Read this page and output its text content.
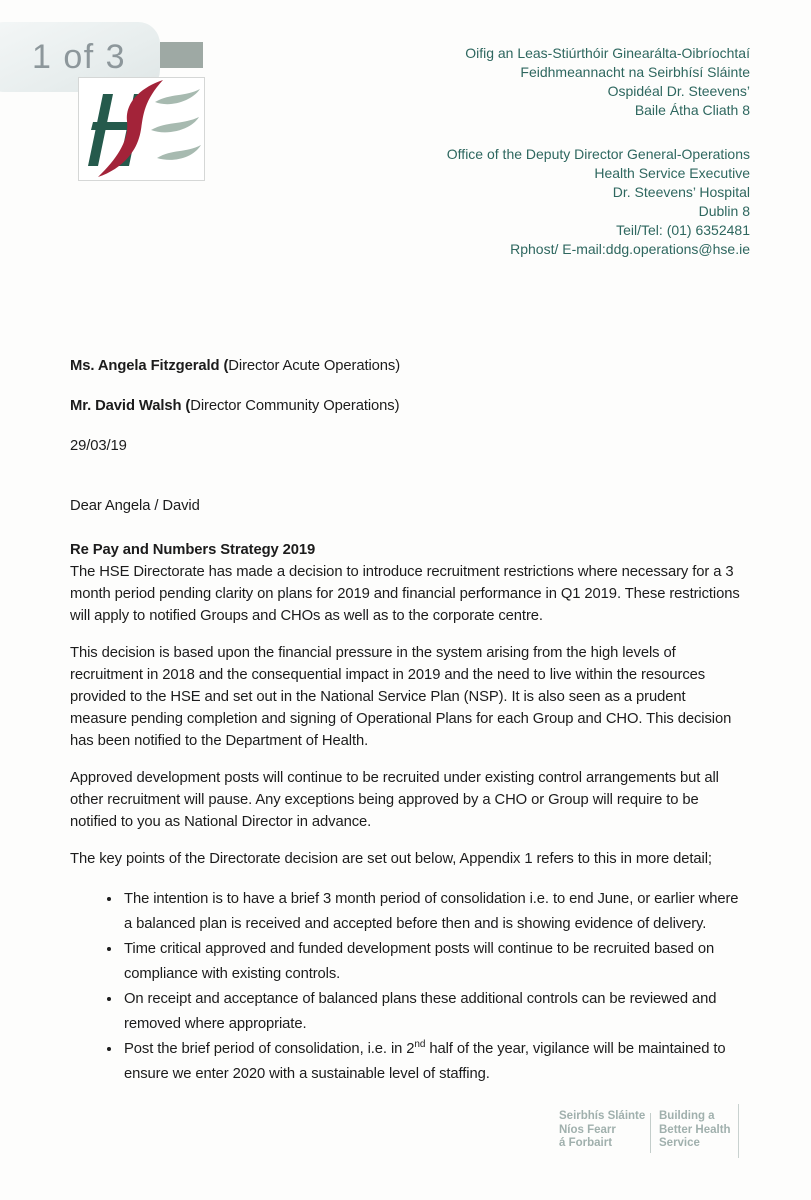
1 of 3	Oifig an Leas-Stiúrthóir Ginearálta-Oibríochtaí
Feidhmeannacht na Seirbhísí Sláinte
Ospidéal Dr. Steevens’
Baile Átha Cliath 8
Office of the Deputy Director General-Operations
Health Service Executive
Dr. Steevens’ Hospital
Dublin 8
Teil/Tel: (01) 6352481
Rphost/ E-mail:ddg.operations@hse.ie

Ms. Angela Fitzgerald (Director Acute Operations)

Mr. David Walsh (Director Community Operations)

29/03/19

Dear Angela / David

Re Pay and Numbers Strategy 2019

The HSE Directorate has made a decision to introduce recruitment restrictions where necessary for a 3 month period pending clarity on plans for 2019 and financial performance in Q1 2019. These restrictions will apply to notified Groups and CHOs as well as to the corporate centre.

This decision is based upon the financial pressure in the system arising from the high levels of recruitment in 2018 and the consequential impact in 2019 and the need to live within the resources provided to the HSE and set out in the National Service Plan (NSP). It is also seen as a prudent measure pending completion and signing of Operational Plans for each Group and CHO. This decision has been notified to the Department of Health.

Approved development posts will continue to be recruited under existing control arrangements but all other recruitment will pause. Any exceptions being approved by a CHO or Group will require to be notified to you as National Director in advance.

The key points of the Directorate decision are set out below, Appendix 1 refers to this in more detail;

• The intention is to have a brief 3 month period of consolidation i.e. to end June, or earlier where a balanced plan is received and accepted before then and is showing evidence of delivery.
• Time critical approved and funded development posts will continue to be recruited based on compliance with existing controls.
• On receipt and acceptance of balanced plans these additional controls can be reviewed and removed where appropriate.
• Post the brief period of consolidation, i.e. in 2nd half of the year, vigilance will be maintained to ensure we enter 2020 with a sustainable level of staffing.
Seirbhís Sláinte
Níos Fearr
á Forbairt
Building a
Better Health
Service
